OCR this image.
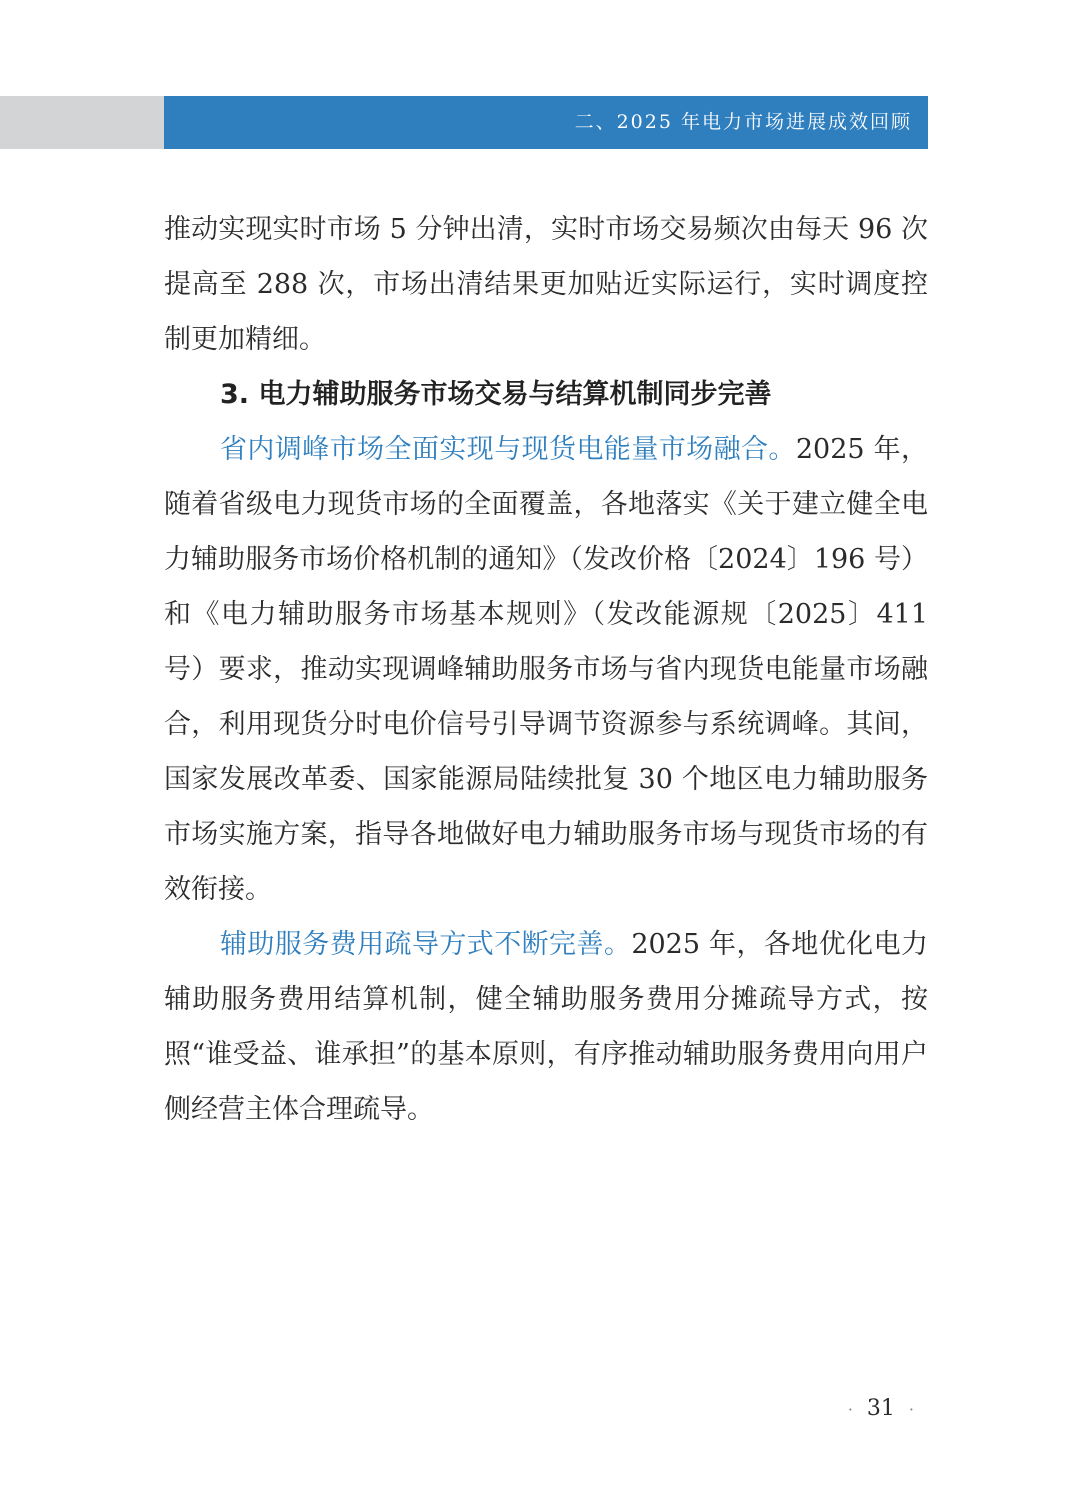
二、2025 年电力市场进展成效回顾

推动实现实时市场 5 分钟出清，实时市场交易频次由每天 96 次提高至 288 次，市场出清结果更加贴近实际运行，实时调度控制更加精细。

3. 电力辅助服务市场交易与结算机制同步完善

省内调峰市场全面实现与现货电能量市场融合。2025 年，随着省级电力现货市场的全面覆盖，各地落实《关于建立健全电力辅助服务市场价格机制的通知》（发改价格〔2024〕196 号）和《电力辅助服务市场基本规则》（发改能源规〔2025〕411 号）要求，推动实现调峰辅助服务市场与省内现货电能量市场融合，利用现货分时电价信号引导调节资源参与系统调峰。其间，国家发展改革委、国家能源局陆续批复 30 个地区电力辅助服务市场实施方案，指导各地做好电力辅助服务市场与现货市场的有效衔接。

辅助服务费用疏导方式不断完善。2025 年，各地优化电力辅助服务费用结算机制，健全辅助服务费用分摊疏导方式，按照“谁受益、谁承担”的基本原则，有序推动辅助服务费用向用户侧经营主体合理疏导。

· 31 ·
